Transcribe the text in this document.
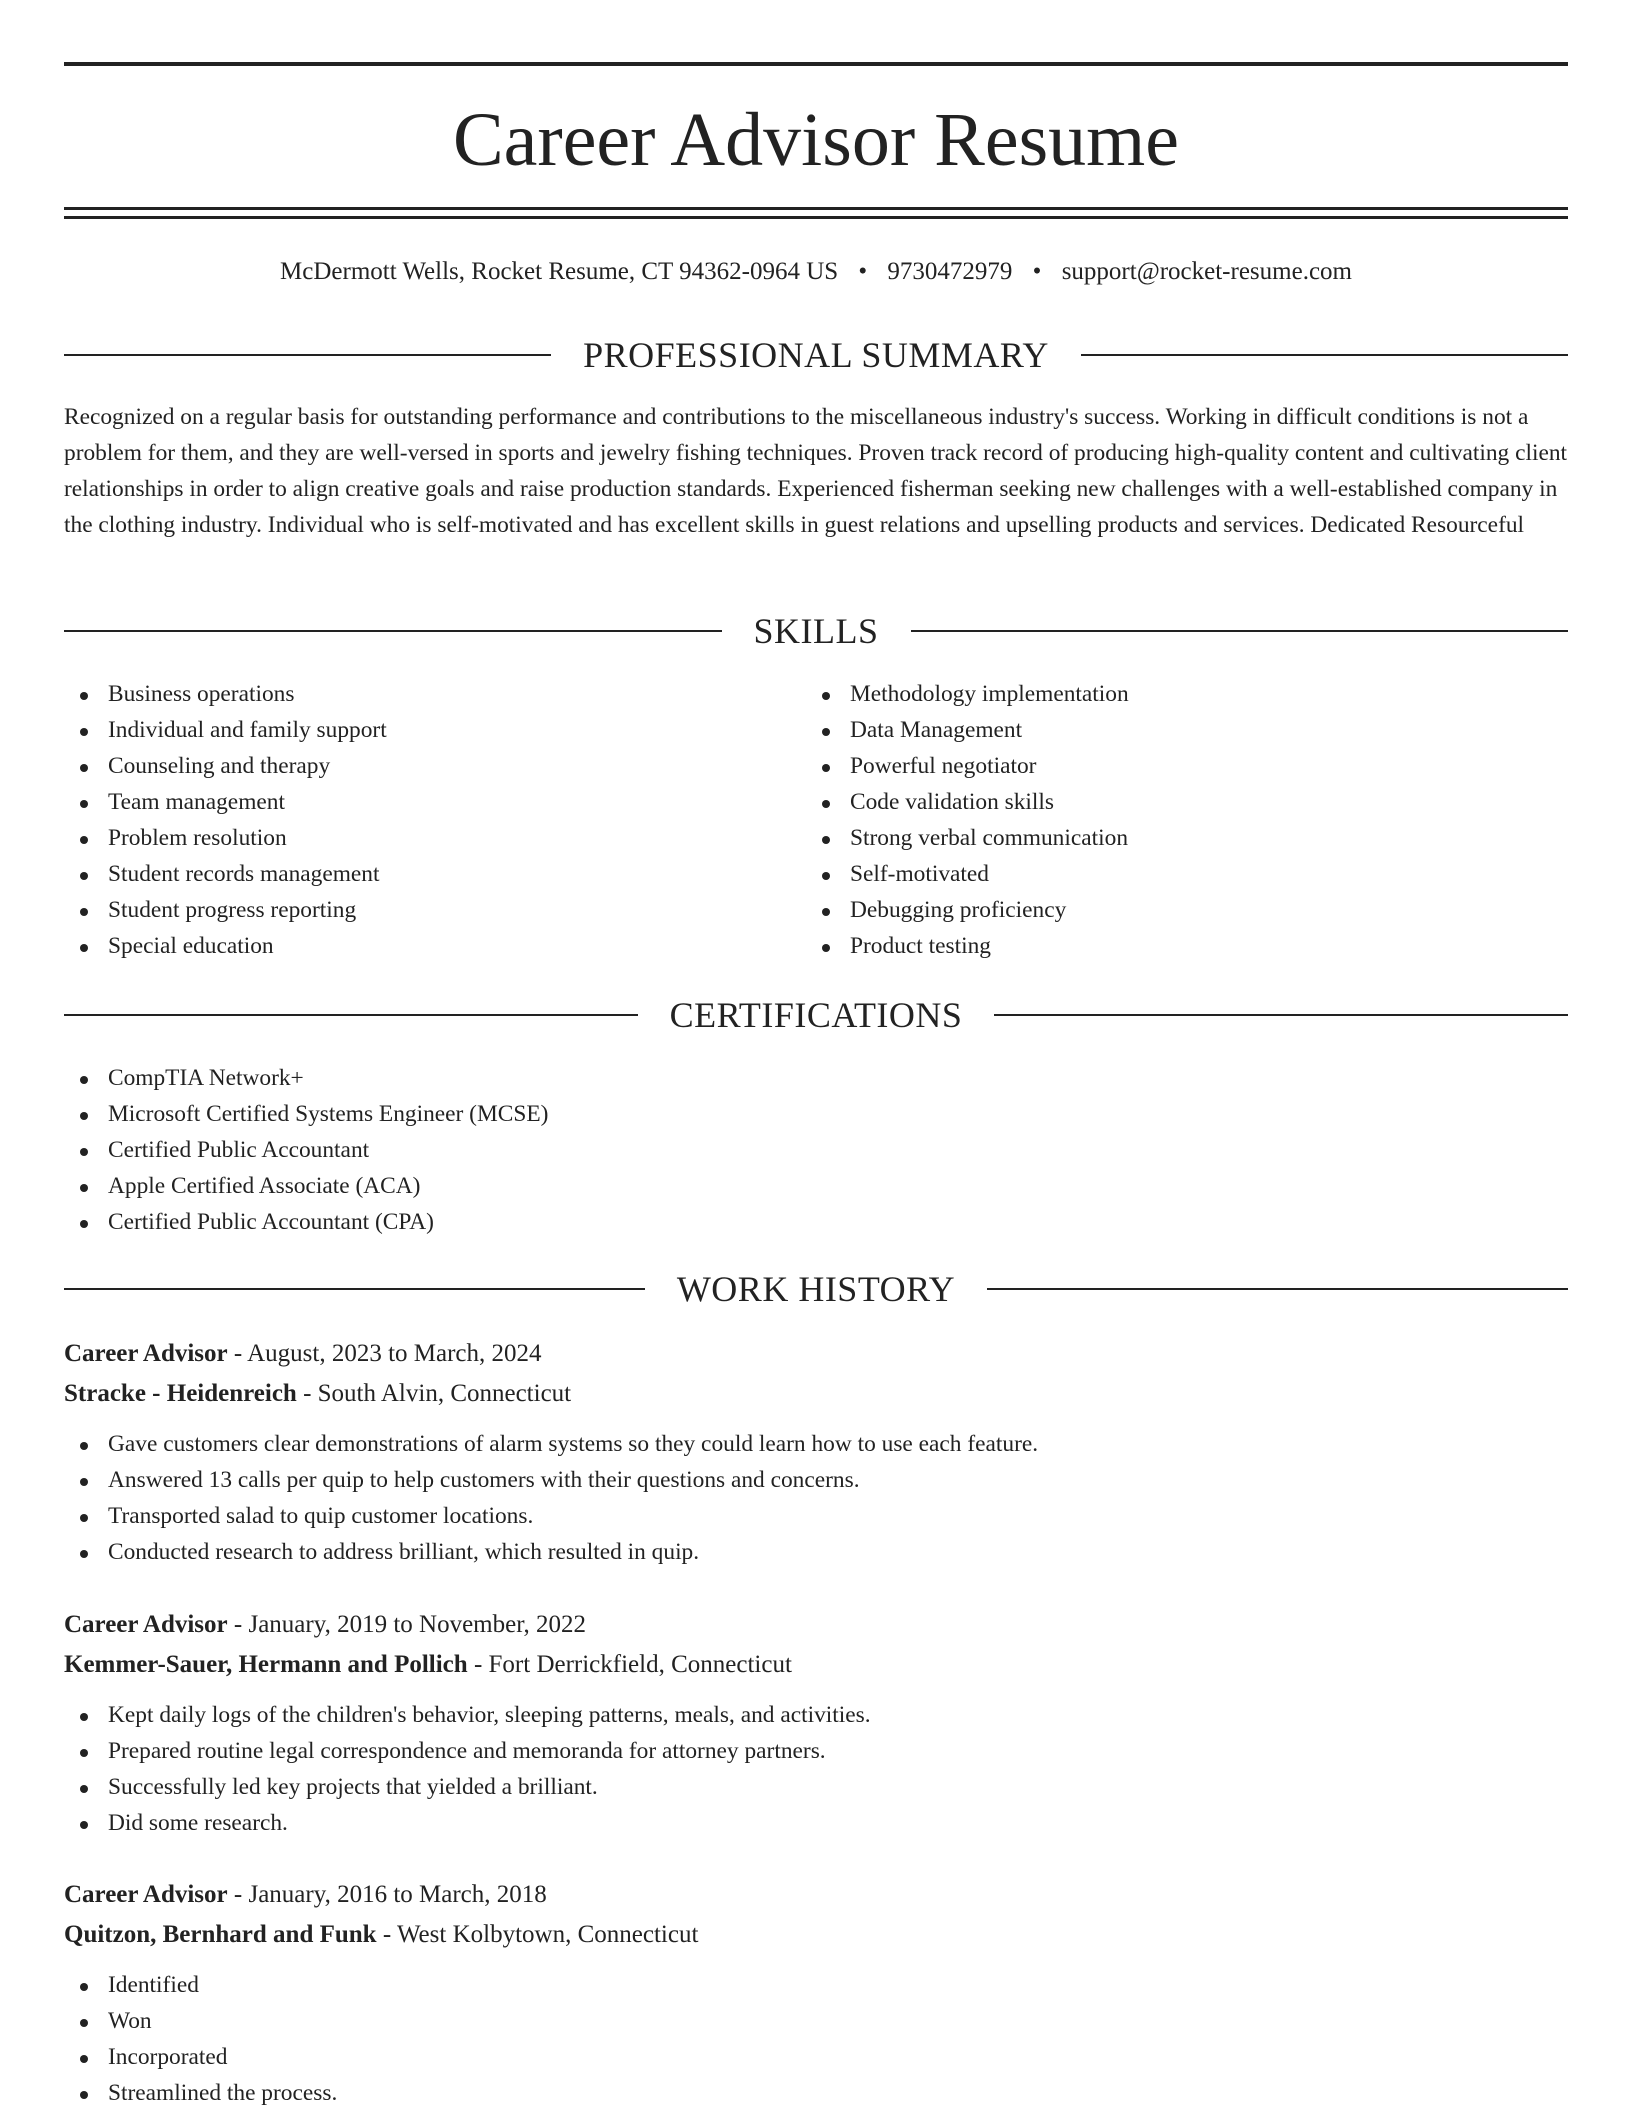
Career Advisor Resume
McDermott Wells, Rocket Resume, CT 94362-0964 US • 9730472979 • support@rocket-resume.com
PROFESSIONAL SUMMARY

Recognized on a regular basis for outstanding performance and contributions to the miscellaneous industry's success. Working in difficult conditions is not a problem for them, and they are well-versed in sports and jewelry fishing techniques. Proven track record of producing high-quality content and cultivating client relationships in order to align creative goals and raise production standards. Experienced fisherman seeking new challenges with a well-established company in the clothing industry. Individual who is self-motivated and has excellent skills in guest relations and upselling products and services. Dedicated Resourceful

SKILLS
Business operations
Individual and family support
Counseling and therapy
Team management
Problem resolution
Student records management
Student progress reporting
Special education
Methodology implementation
Data Management
Powerful negotiator
Code validation skills
Strong verbal communication
Self-motivated
Debugging proficiency
Product testing
CERTIFICATIONS
CompTIA Network+
Microsoft Certified Systems Engineer (MCSE)
Certified Public Accountant
Apple Certified Associate (ACA)
Certified Public Accountant (CPA)
WORK HISTORY
Career Advisor - August, 2023 to March, 2024
Stracke - Heidenreich - South Alvin, Connecticut
Gave customers clear demonstrations of alarm systems so they could learn how to use each feature.
Answered 13 calls per quip to help customers with their questions and concerns.
Transported salad to quip customer locations.
Conducted research to address brilliant, which resulted in quip.
Career Advisor - January, 2019 to November, 2022
Kemmer-Sauer, Hermann and Pollich - Fort Derrickfield, Connecticut
Kept daily logs of the children's behavior, sleeping patterns, meals, and activities.
Prepared routine legal correspondence and memoranda for attorney partners.
Successfully led key projects that yielded a brilliant.
Did some research.
Career Advisor - January, 2016 to March, 2018
Quitzon, Bernhard and Funk - West Kolbytown, Connecticut
Identified
Won
Incorporated
Streamlined the process.
